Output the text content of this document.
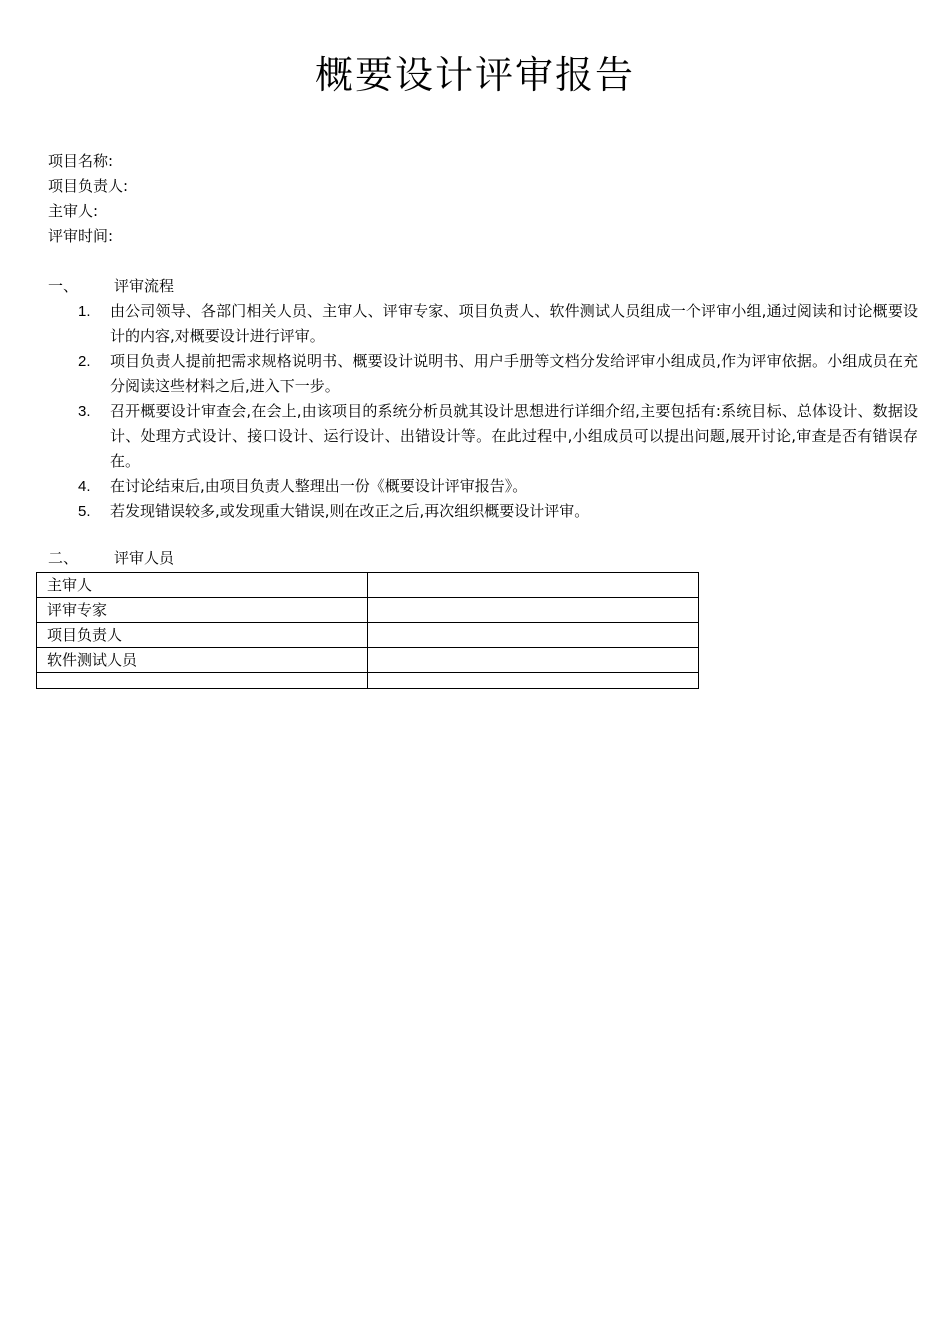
概要设计评审报告
项目名称:
项目负责人:
主审人:
评审时间:
一、 评审流程
1. 由公司领导、各部门相关人员、主审人、评审专家、项目负责人、软件测试人员组成一个评审小组,通过阅读和讨论概要设计的内容,对概要设计进行评审。
2. 项目负责人提前把需求规格说明书、概要设计说明书、用户手册等文档分发给评审小组成员,作为评审依据。小组成员在充分阅读这些材料之后,进入下一步。
3. 召开概要设计审查会,在会上,由该项目的系统分析员就其设计思想进行详细介绍,主要包括有:系统目标、总体设计、数据设计、处理方式设计、接口设计、运行设计、出错设计等。在此过程中,小组成员可以提出问题,展开讨论,审查是否有错误存在。
4. 在讨论结束后,由项目负责人整理出一份《概要设计评审报告》。
5. 若发现错误较多,或发现重大错误,则在改正之后,再次组织概要设计评审。
二、 评审人员
主审人	
评审专家	
项目负责人	
软件测试人员	
